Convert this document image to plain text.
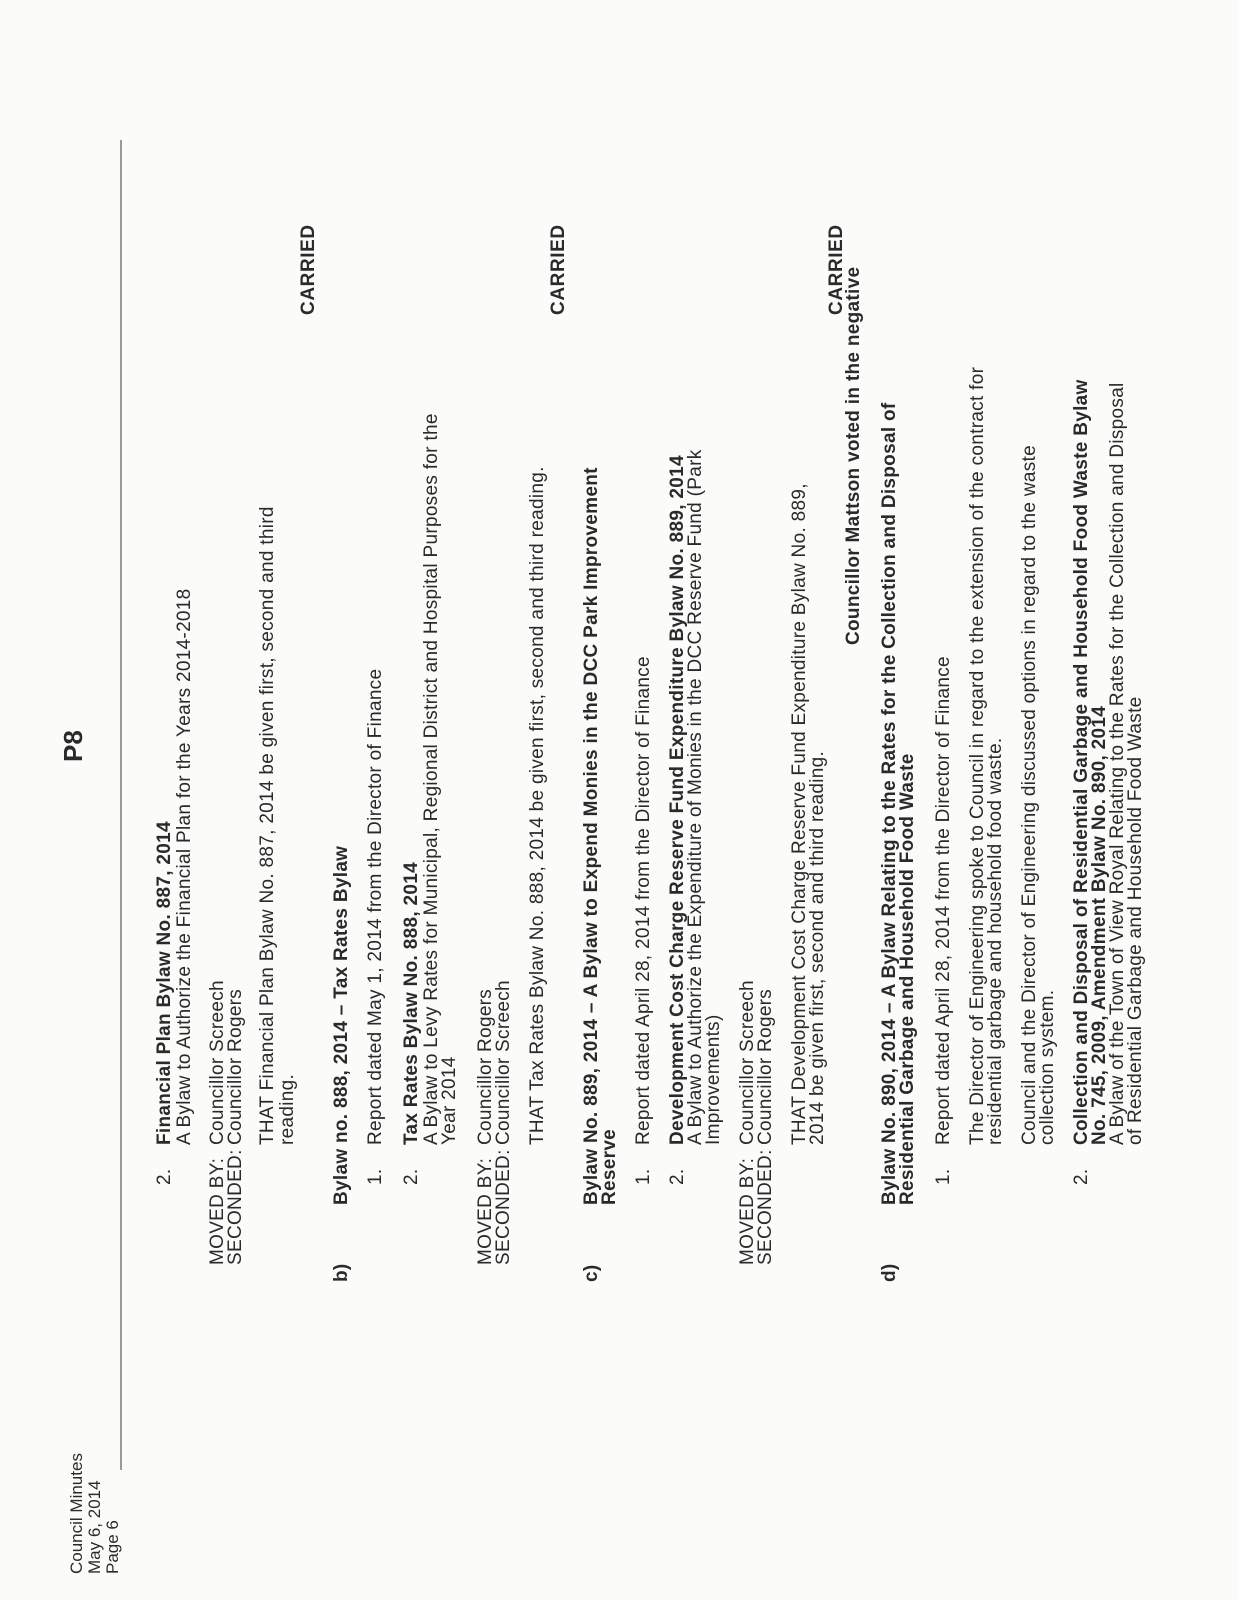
Council Minutes May 6, 2014 Page 6
P8
2.
Financial Plan Bylaw No. 887, 2014 A Bylaw to Authorize the Financial Plan for the Years 2014-2018
MOVED BY:
SECONDED:
Councillor Screech
Councillor Rogers THAT Financial Plan Bylaw No. 887, 2014 be given first, second and third reading.
CARRIED
b)
Bylaw no. 888, 2014 – Tax Rates Bylaw 1.
Report dated May 1, 2014 from the Director of Finance
2.
Tax Rates Bylaw No. 888, 2014 A Bylaw to Levy Rates for Municipal, Regional District and Hospital Purposes for the
Year 2014
MOVED BY:
SECONDED:
Councillor Rogers
Councillor Screech THAT Tax Rates Bylaw No. 888, 2014 be given first, second and third reading.
CARRIED
c)
Bylaw No. 889, 2014 – A Bylaw to Expend Monies in the DCC Park Improvement
Reserve 1.
Report dated April 28, 2014 from the Director of Finance
2.
Development Cost Charge Reserve Fund Expenditure Bylaw No. 889, 2014
A Bylaw to Authorize the Expenditure of Monies in the DCC Reserve Fund (Park
Improvements)
MOVED BY:
SECONDED:
Councillor Screech
Councillor Rogers THAT Development Cost Charge Reserve Fund Expenditure Bylaw No. 889,
2014 be given first, second and third reading.
CARRIED
Councillor Mattson voted in the negative
d)
Bylaw No. 890, 2014 – A Bylaw Relating to the Rates for the Collection and Disposal of
Residential Garbage and Household Food Waste 1.
Report dated April 28, 2014 from the Director of Finance The Director of Engineering spoke to Council in regard to the extension of the contract for
residential garbage and household food waste. Council and the Director of Engineering discussed options in regard to the waste
collection system.
2.
Collection and Disposal of Residential Garbage and Household Food Waste Bylaw
No. 745, 2009, Amendment Bylaw No. 890, 2014
A Bylaw of the Town of View Royal Relating to the Rates for the Collection and Disposal
of Residential Garbage and Household Food Waste
